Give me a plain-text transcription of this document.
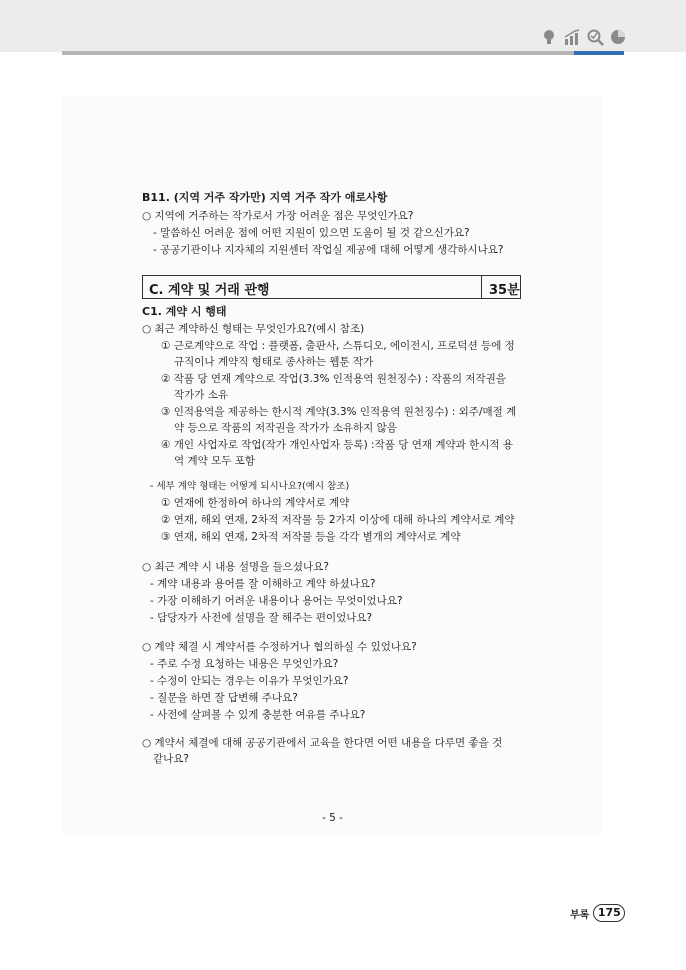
B11. (지역 거주 작가만) 지역 거주 작가 애로사항
○ 지역에 거주하는 작가로서 가장 어려운 점은 무엇인가요?
- 말씀하신 어려운 점에 어떤 지원이 있으면 도움이 될 것 같으신가요?
- 공공기관이나 지자체의 지원센터 작업실 제공에 대해 어떻게 생각하시나요?
C. 계약 및 거래 관행	35분
C1. 계약 시 행태
○ 최근 계약하신 형태는 무엇인가요?(예시 참조)
① 근로계약으로 작업 : 플랫폼, 출판사, 스튜디오, 에이전시, 프로덕션 등에 정
규직이나 계약직 형태로 종사하는 웹툰 작가
② 작품 당 연재 계약으로 작업(3.3% 인적용역 원천징수) : 작품의 저작권을
작가가 소유
③ 인적용역을 제공하는 한시적 계약(3.3% 인적용역 원천징수) : 외주/매절 계
약 등으로 작품의 저작권을 작가가 소유하지 않음
④ 개인 사업자로 작업(작가 개인사업자 등록) :작품 당 연재 계약과 한시적 용
역 계약 모두 포함
- 세부 계약 형태는 어떻게 되시나요?(예시 참조)
① 연재에 한정하여 하나의 계약서로 계약
② 연재, 해외 연재, 2차적 저작물 등 2가지 이상에 대해 하나의 계약서로 계약
③ 연재, 해외 연재, 2차적 저작물 등을 각각 별개의 계약서로 계약
○ 최근 계약 시 내용 설명을 들으셨나요?
- 계약 내용과 용어를 잘 이해하고 계약 하셨나요?
- 가장 이해하기 어려운 내용이나 용어는 무엇이었나요?
- 담당자가 사전에 설명을 잘 해주는 편이었나요?
○ 계약 체결 시 계약서를 수정하거나 협의하실 수 있었나요?
- 주로 수정 요청하는 내용은 무엇인가요?
- 수정이 안되는 경우는 이유가 무엇인가요?
- 질문을 하면 잘 답변해 주나요?
- 사전에 살펴볼 수 있게 충분한 여유를 주나요?
○ 계약서 체결에 대해 공공기관에서 교육을 한다면 어떤 내용을 다루면 좋을 것
같나요?
- 5 -
부록 175
